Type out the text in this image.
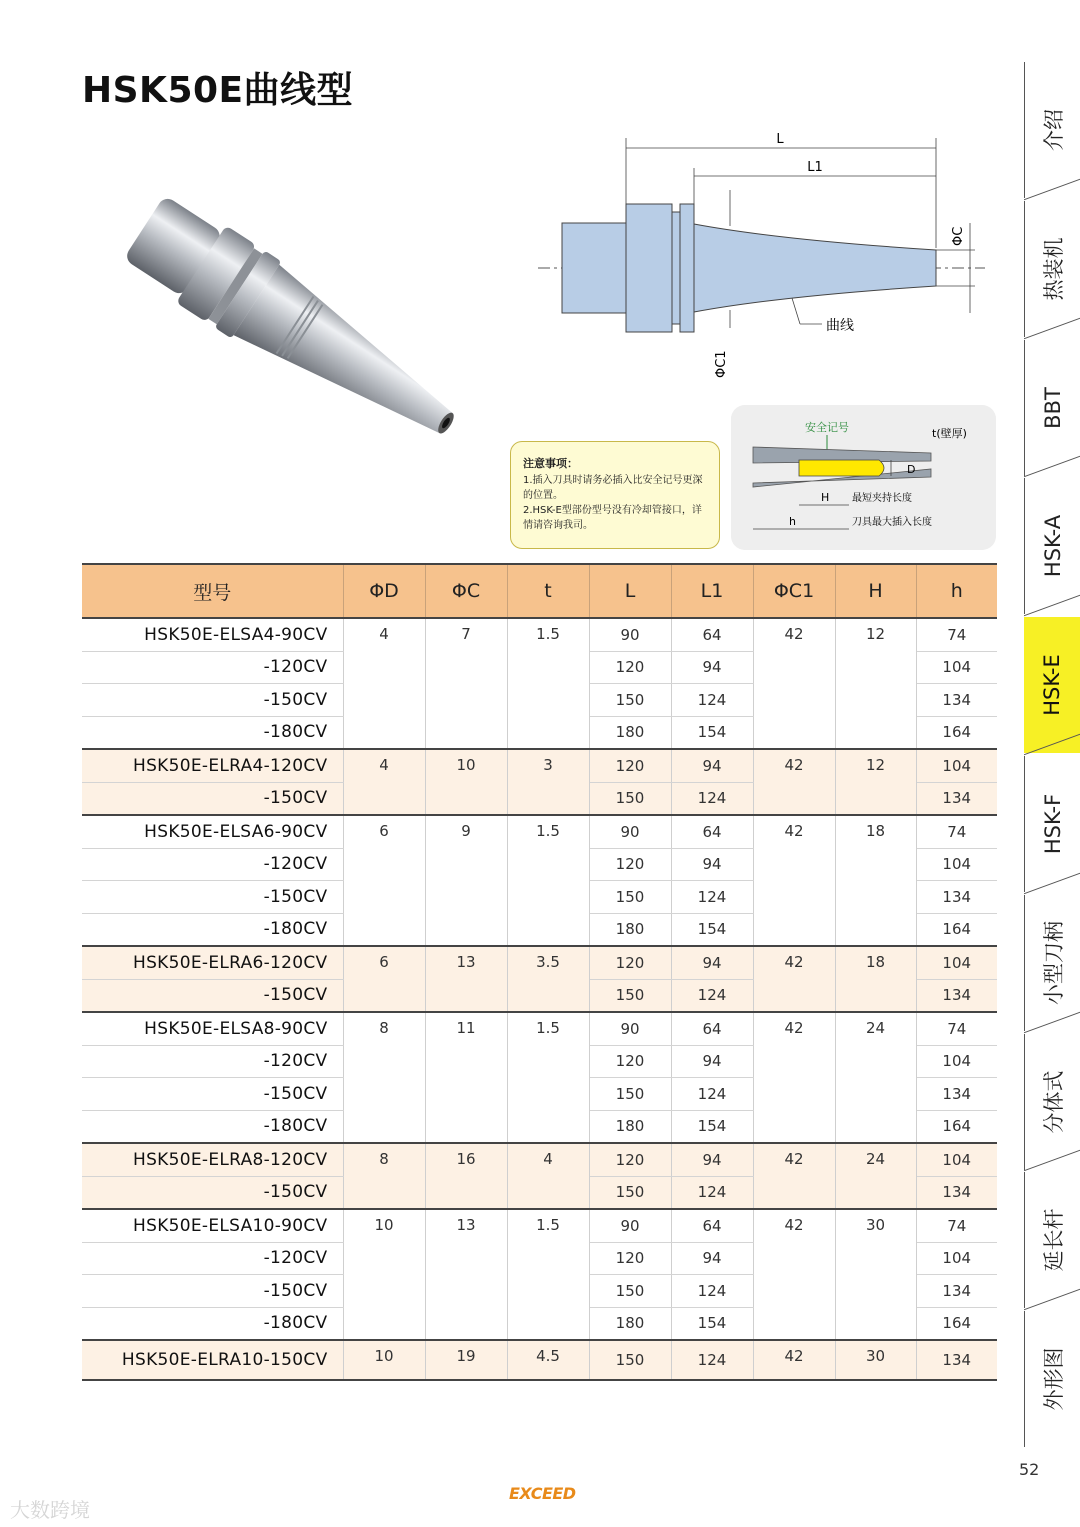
HSK50E曲线型
L
L1
ΦC
ΦC1
曲线
注意事项：

1.插入刀具时请务必插入比安全记号更深的位置。

2.HSK-E型部份型号没有冷却管接口，详情请咨询我司。

安全记号	t(壁厚)
D
H 最短夹持长度
h	刀具最大插入长度
型号	ΦD	ΦC	t	L	L1	ΦC1	H	h
HSK50E-ELSA4-90CV	4	7	1.5	90	64	42	12	74
-120CV				120	94			104
-150CV				150	124			134
-180CV				180	154			164
HSK50E-ELRA4-120CV	4	10	3	120	94	42	12	104
-150CV				150	124			134
HSK50E-ELSA6-90CV	6	9	1.5	90	64	42	18	74
-120CV				120	94			104
-150CV				150	124			134
-180CV				180	154			164
HSK50E-ELRA6-120CV	6	13	3.5	120	94	42	18	104
-150CV				150	124			134
HSK50E-ELSA8-90CV	8	11	1.5	90	64	42	24	74
-120CV				120	94			104
-150CV				150	124			134
-180CV				180	154			164
HSK50E-ELRA8-120CV	8	16	4	120	94	42	24	104
-150CV				150	124			134
HSK50E-ELSA10-90CV	10	13	1.5	90	64	42	30	74
-120CV				120	94			104
-150CV				150	124			134
-180CV				180	154			164
HSK50E-ELRA10-150CV	10	19	4.5	150	124	42	30	134
介绍
热装机
BBT
HSK-A
HSK-E
HSK-F
小型刀柄
分体式
延长杆
外形图
52
EXCEED
大数跨境
